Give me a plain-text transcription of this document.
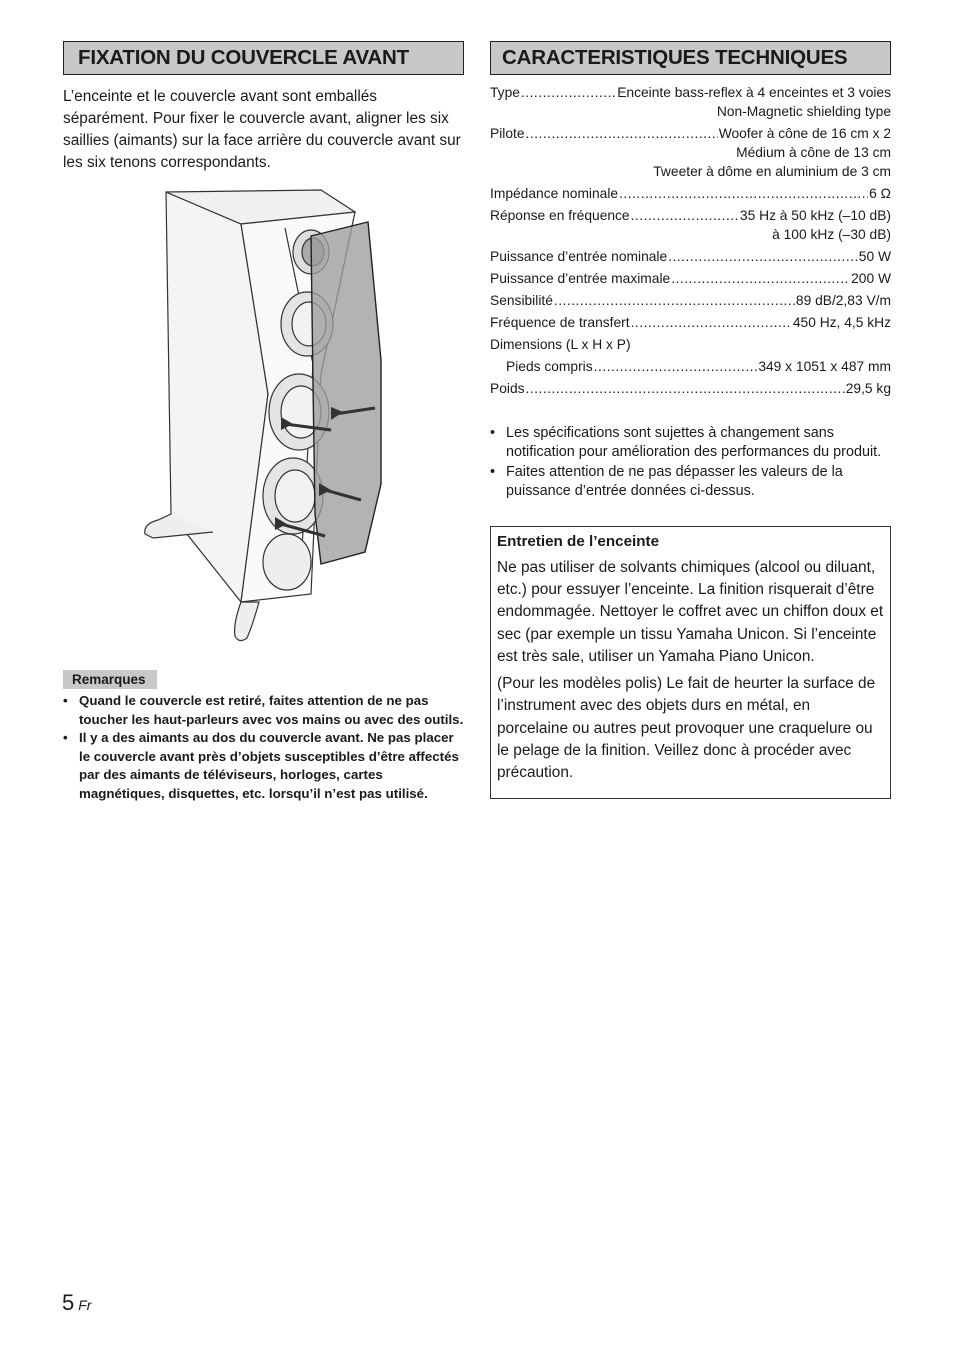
FIXATION DU COUVERCLE AVANT

L’enceinte et le couvercle avant sont emballés séparément. Pour fixer le couvercle avant, aligner les six saillies (aimants) sur la face arrière du couvercle avant sur les six tenons correspondants.

Remarques
• Quand le couvercle est retiré, faites attention de ne pas toucher les haut-parleurs avec vos mains ou avec des outils.
• Il y a des aimants au dos du couvercle avant. Ne pas placer le couvercle avant près d’objets susceptibles d’être affectés par des aimants de téléviseurs, horloges, cartes magnétiques, disquettes, etc. lorsqu’il n’est pas utilisé.
CARACTERISTIQUES TECHNIQUES
Type .....	Enceinte bass-reflex à 4 enceintes et 3 voies
Non-Magnetic shielding type
Pilote .....	Woofer à cône de 16 cm x 2
Médium à cône de 13 cm
Tweeter à dôme en aluminium de 3 cm
Impédance nominale .....	6 Ω
Réponse en fréquence .....	35 Hz à 50 kHz (–10 dB)
à 100 kHz (–30 dB)
Puissance d’entrée nominale .....	50 W
Puissance d’entrée maximale .....	200 W
Sensibilité .....	89 dB/2,83 V/m
Fréquence de transfert .....	450 Hz, 4,5 kHz
Dimensions (L x H x P)
Pieds compris .....	349 x 1051 x 487 mm
Poids .....	29,5 kg
• Les spécifications sont sujettes à changement sans notification pour amélioration des performances du produit.
• Faites attention de ne pas dépasser les valeurs de la puissance d’entrée données ci-dessus.

Entretien de l’enceinte

Ne pas utiliser de solvants chimiques (alcool ou diluant, etc.) pour essuyer l’enceinte. La finition risquerait d’être endommagée. Nettoyer le coffret avec un chiffon doux et sec (par exemple un tissu Yamaha Unicon. Si l’enceinte est très sale, utiliser un Yamaha Piano Unicon.

(Pour les modèles polis) Le fait de heurter la surface de l’instrument avec des objets durs en métal, en porcelaine ou autres peut provoquer une craquelure ou le pelage de la finition. Veillez donc à procéder avec précaution.

5 Fr
